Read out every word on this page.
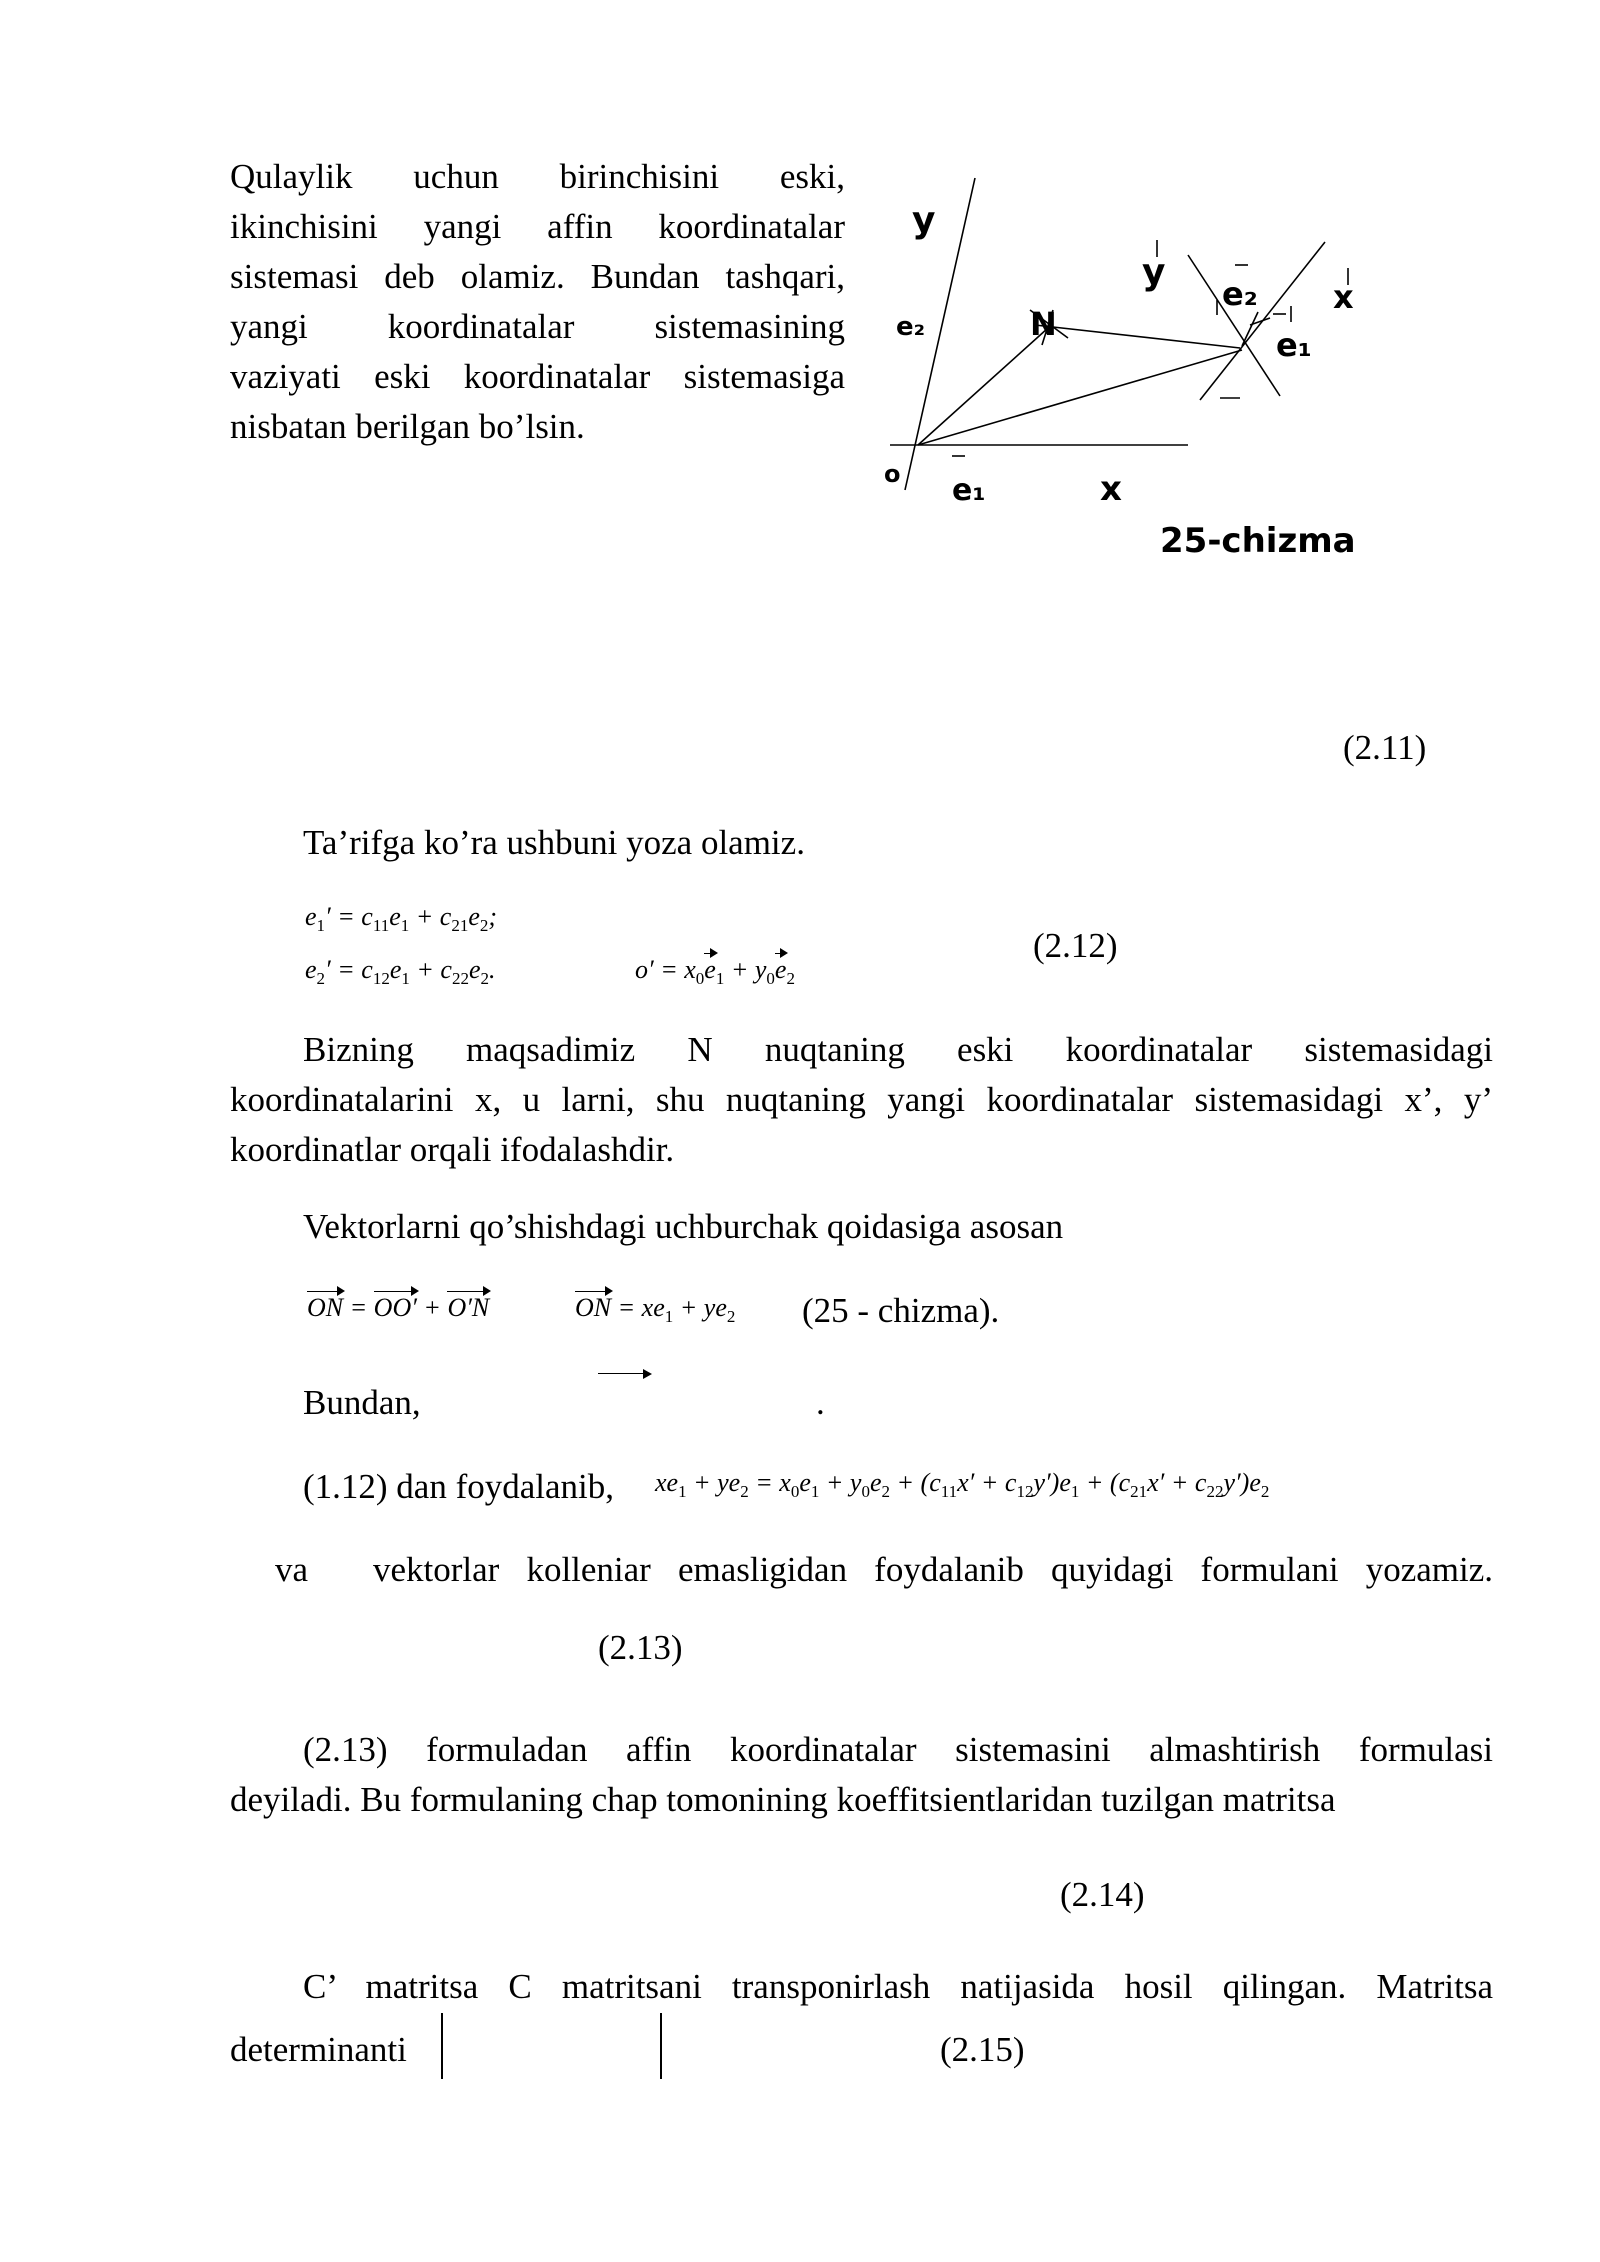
Qulaylik uchun birinchisini eski,
ikinchisini yangi affin koordinatalar
sistemasi deb olamiz. Bundan tashqari,
yangi koordinatalar sistemasining
vaziyati eski koordinatalar sistemasiga
nisbatan berilgan bo’lsin.
y
e₂
o e₁	x
y
N
e₂
e₁
x
25-chizma
(2.11)
Ta’rifga ko’ra ushbuni yoza olamiz.
$e_1' = c_{11}e_1 + c_{21}e_2$;
$e_2' = c_{12}e_1 + c_{22}e_2$.	$o' = x_0e_1 + y_0e_2$
(2.12)
Bizning maqsadimiz N nuqtaning eski koordinatalar sistemasidagi
koordinatalarini x, u larni, shu nuqtaning yangi koordinatalar sistemasidagi x’, y’
koordinatlar orqali ifodalashdir.
Vektorlarni qo’shishdagi uchburchak qoidasiga asosan
ON = OO′ + O′N	ON = $xe_1 + ye_2$ (25 - chizma).
Bundan,	.
(1.12) dan foydalanib, $xe_1 + ye_2 = x_0e_1 + y_0e_2 + (c_{11}x' + c_{12}y')e_1 + (c_{21}x' + c_{22}y')e_2$
va vektorlar kolleniar emasligidan foydalanib quyidagi formulani yozamiz.
(2.13)
(2.13) formuladan affin koordinatalar sistemasini almashtirish formulasi
deyiladi. Bu formulaning chap tomonining koeffitsientlaridan tuzilgan matritsa
(2.14)
C’ matritsa C matritsani transponirlash natijasida hosil qilingan. Matritsa
determinanti	(2.15)
